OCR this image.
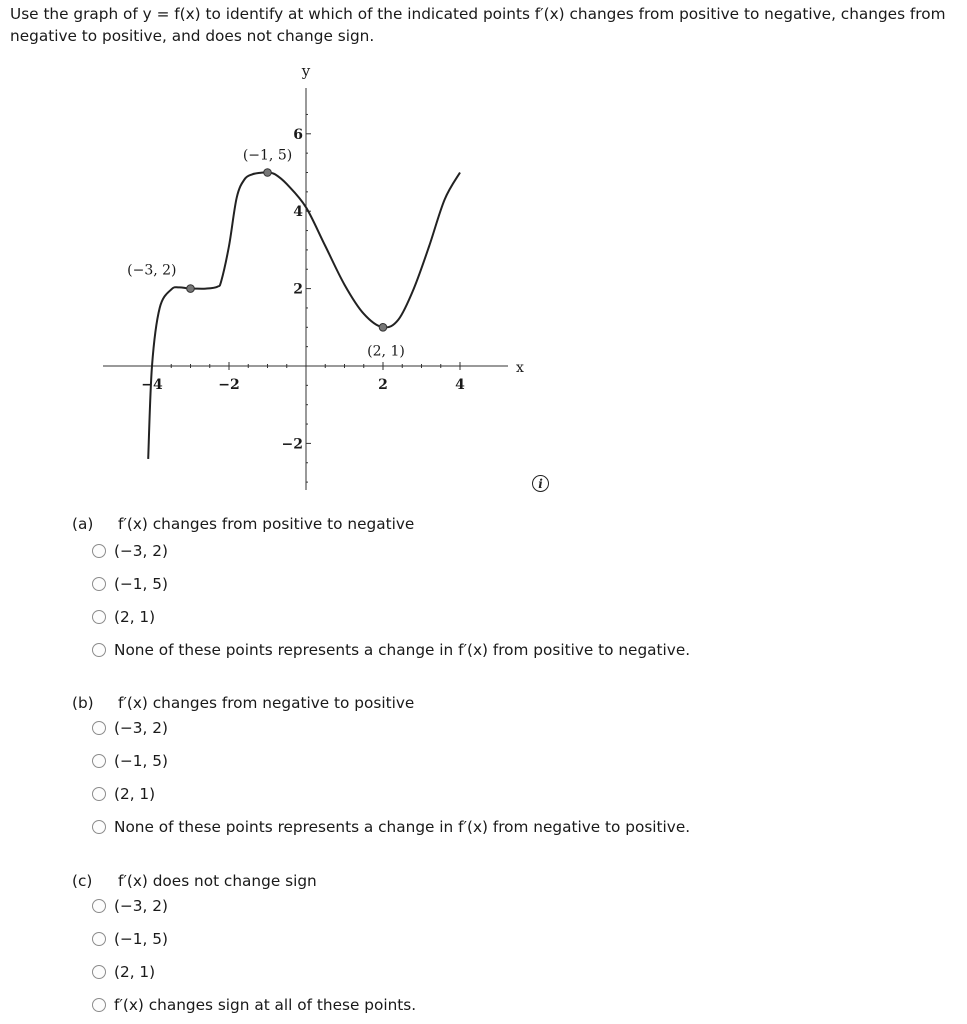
Use the graph of y = f(x) to identify at which of the indicated points f′(x) changes from positive to negative, changes from
negative to positive, and does not change sign.
x
y
−4	−2	2	4
−2
2
4
6
(−3, 2)
(−1, 5)
(2, 1)
i
(a) f′(x) changes from positive to negative
(−3, 2)
(−1, 5)
(2, 1)
None of these points represents a change in f′(x) from positive to negative.
(b) f′(x) changes from negative to positive
(−3, 2)
(−1, 5)
(2, 1)
None of these points represents a change in f′(x) from negative to positive.
(c) f′(x) does not change sign
(−3, 2)
(−1, 5)
(2, 1)
f′(x) changes sign at all of these points.
